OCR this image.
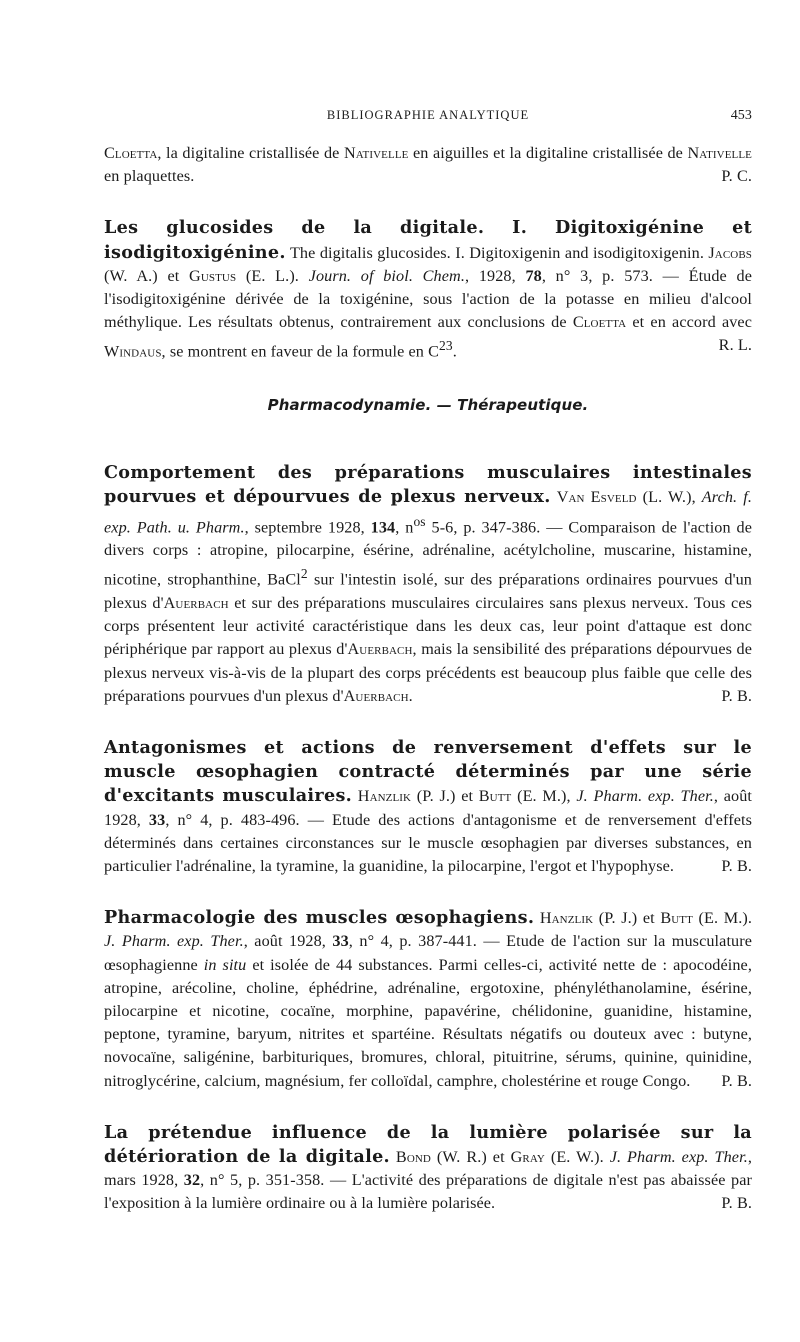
BIBLIOGRAPHIE ANALYTIQUE	453

Cloetta, la digitaline cristallisée de Nativelle en aiguilles et la digitaline cristallisée de Nativelle en plaquettes.	P. C.

Les glucosides de la digitale. I. Digitoxigénine et isodigitoxigénine. The digitalis glucosides. I. Digitoxigenin and isodigitoxigenin. Jacobs (W. A.) et Gustus (E. L.). Journ. of biol. Chem., 1928, 78, n° 3, p. 573. — Étude de l'isodigitoxigénine dérivée de la toxigénine, sous l'action de la potasse en milieu d'alcool méthylique. Les résultats obtenus, contrairement aux conclusions de Cloetta et en accord avec Windaus, se montrent en faveur de la formule en $C^{23}$.	R. L.

Pharmacodynamie. — Thérapeutique.

Comportement des préparations musculaires intestinales pourvues et dépourvues de plexus nerveux. Van Esveld (L. W.), Arch. f. exp. Path. u. Pharm., septembre 1928, 134, $n^{os}$ 5-6, p. 347-386. — Comparaison de l'action de divers corps : atropine, pilocarpine, ésérine, adrénaline, acétylcholine, muscarine, histamine, nicotine, strophanthine, BaCl$^2$ sur l'intestin isolé, sur des préparations ordinaires pourvues d'un plexus d'Auerbach et sur des préparations musculaires circulaires sans plexus nerveux. Tous ces corps présentent leur activité caractéristique dans les deux cas, leur point d'attaque est donc périphérique par rapport au plexus d'Auerbach, mais la sensibilité des préparations dépourvues de plexus nerveux vis-à-vis de la plupart des corps précédents est beaucoup plus faible que celle des préparations pourvues d'un plexus d'Auerbach.	P. B.

Antagonismes et actions de renversement d'effets sur le muscle œsophagien contracté déterminés par une série d'excitants musculaires. Hanzlik (P. J.) et Butt (E. M.), J. Pharm. exp. Ther., août 1928, 33, n° 4, p. 483-496. — Etude des actions d'antagonisme et de renversement d'effets déterminés dans certaines circonstances sur le muscle œsophagien par diverses substances, en particulier l'adrénaline, la tyramine, la guanidine, la pilocarpine, l'ergot et l'hypophyse.	P. B.

Pharmacologie des muscles œsophagiens. Hanzlik (P. J.) et Butt (E. M.). J. Pharm. exp. Ther., août 1928, 33, n° 4, p. 387-441. — Etude de l'action sur la musculature œsophagienne in situ et isolée de 44 substances. Parmi celles-ci, activité nette de : apocodéine, atropine, arécoline, choline, éphédrine, adrénaline, ergotoxine, phényléthanolamine, ésérine, pilocarpine et nicotine, cocaïne, morphine, papavérine, chélidonine, guanidine, histamine, peptone, tyramine, baryum, nitrites et spartéine. Résultats négatifs ou douteux avec : butyne, novocaïne, saligénine, barbituriques, bromures, chloral, pituitrine, sérums, quinine, quinidine, nitroglycérine, calcium, magnésium, fer colloïdal, camphre, cholestérine et rouge Congo. P. B.

La prétendue influence de la lumière polarisée sur la détérioration de la digitale. Bond (W. R.) et Gray (E. W.). J. Pharm. exp. Ther., mars 1928, 32, n° 5, p. 351-358. — L'activité des préparations de digitale n'est pas abaissée par l'exposition à la lumière ordinaire ou à la lumière polarisée.	P. B.
